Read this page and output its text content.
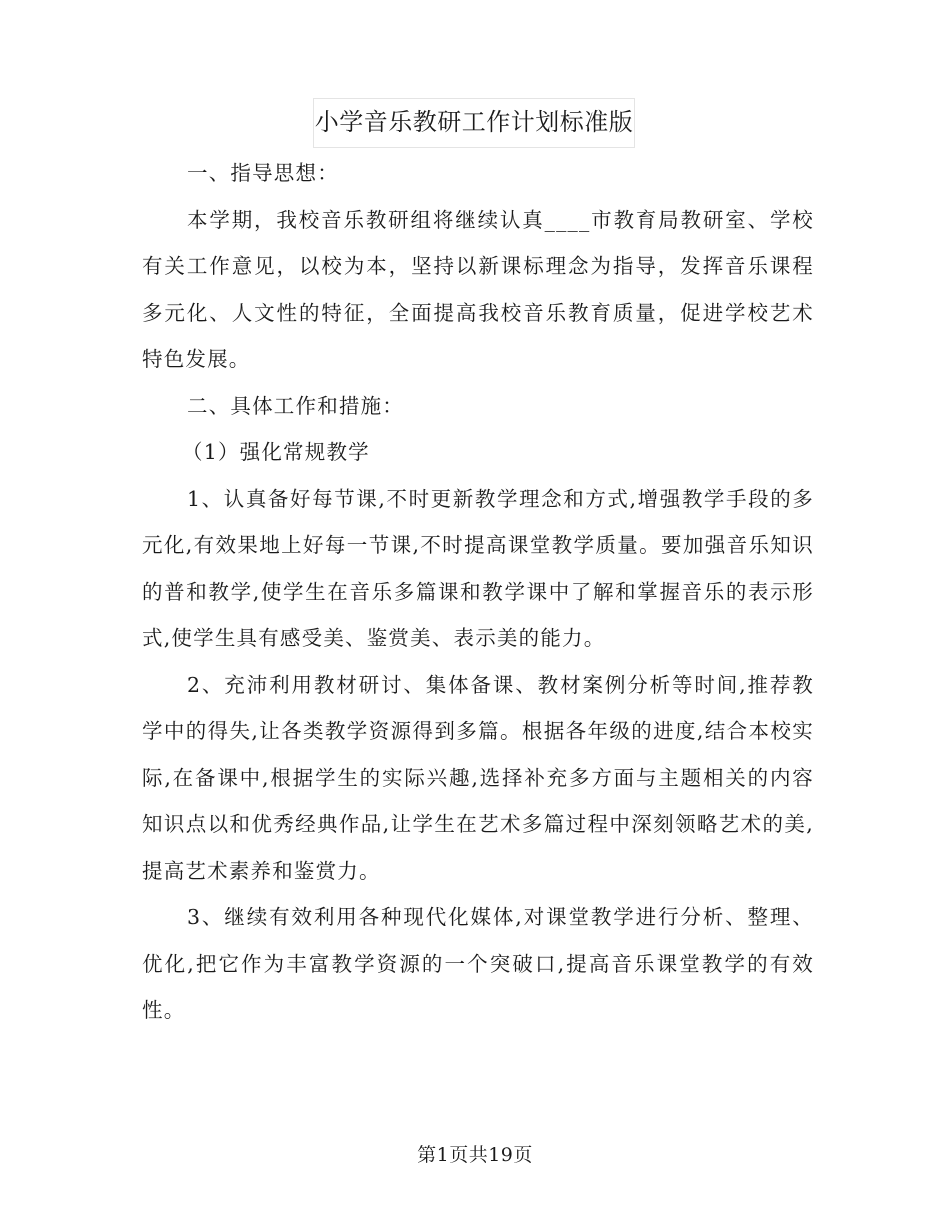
小学音乐教研工作计划标准版

一、指导思想：

本学期，我校音乐教研组将继续认真____市教育局教研室、学校有关工作意见，以校为本，坚持以新课标理念为指导，发挥音乐课程多元化、人文性的特征，全面提高我校音乐教育质量，促进学校艺术特色发展。

二、具体工作和措施：

（1）强化常规教学

1、认真备好每节课,不时更新教学理念和方式,增强教学手段的多元化,有效果地上好每一节课,不时提高课堂教学质量。要加强音乐知识的普和教学,使学生在音乐多篇课和教学课中了解和掌握音乐的表示形式,使学生具有感受美、鉴赏美、表示美的能力。

2、充沛利用教材研讨、集体备课、教材案例分析等时间,推荐教学中的得失,让各类教学资源得到多篇。根据各年级的进度,结合本校实际,在备课中,根据学生的实际兴趣,选择补充多方面与主题相关的内容知识点以和优秀经典作品,让学生在艺术多篇过程中深刻领略艺术的美,提高艺术素养和鉴赏力。

3、继续有效利用各种现代化媒体,对课堂教学进行分析、整理、优化,把它作为丰富教学资源的一个突破口,提高音乐课堂教学的有效性。

第1页共19页
